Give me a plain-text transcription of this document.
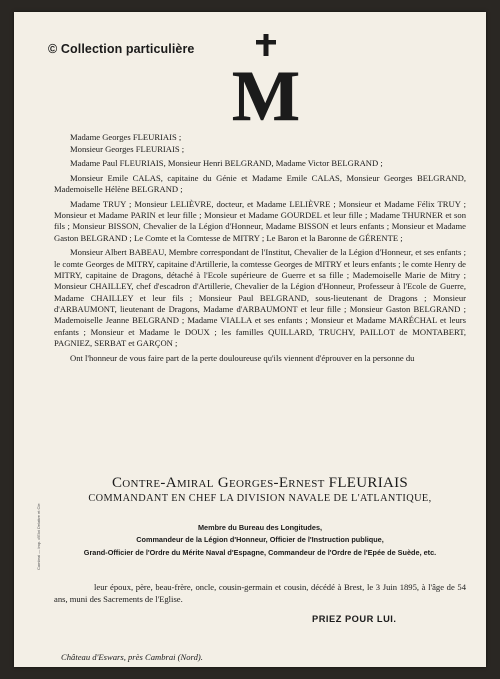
© Collection particulière
M

Madame Georges FLEURIAIS ;

Monsieur Georges FLEURIAIS ;

Madame Paul FLEURIAIS, Monsieur Henri BELGRAND, Madame Victor BELGRAND ;

Monsieur Emile CALAS, capitaine du Génie et Madame Emile CALAS, Monsieur Georges BELGRAND, Mademoiselle Hélène BELGRAND ;

Madame TRUY ; Monsieur LELIÈVRE, docteur, et Madame LELIÈVRE ; Monsieur et Madame Félix TRUY ; Monsieur et Madame PARIN et leur fille ; Monsieur et Madame GOURDEL et leur fille ; Madame THURNER et son fils ; Monsieur BISSON, Chevalier de la Légion d'Honneur, Madame BISSON et leurs enfants ; Monsieur et Madame Gaston BELGRAND ; Le Comte et la Comtesse de MITRY ; Le Baron et la Baronne de GÉRENTE ;

Monsieur Albert BABEAU, Membre correspondant de l'Institut, Chevalier de la Légion d'Honneur, et ses enfants ; le comte Georges de MITRY, capitaine d'Artillerie, la comtesse Georges de MITRY et leurs enfants ; le comte Henry de MITRY, capitaine de Dragons, détaché à l'Ecole supérieure de Guerre et sa fille ; Mademoiselle Marie de Mitry ; Monsieur CHAILLEY, chef d'escadron d'Artillerie, Chevalier de la Légion d'Honneur, Professeur à l'Ecole de Guerre, Madame CHAILLEY et leur fils ; Monsieur Paul BELGRAND, sous-lieutenant de Dragons ; Monsieur d'ARBAUMONT, lieutenant de Dragons, Madame d'ARBAUMONT et leur fille ; Monsieur Gaston BELGRAND ; Mademoiselle Jeanne BELGRAND ; Madame VIALLA et ses enfants ; Monsieur et Madame MARÉCHAL et leurs enfants ; Monsieur et Madame le DOUX ; les familles QUILLARD, TRUCHY, PAILLOT de MONTABERT, PAGNIEZ, SERBAT et GARÇON ;

Ont l'honneur de vous faire part de la perte douloureuse qu'ils viennent d'éprouver en la personne du

Contre-Amiral Georges-Ernest FLEURIAIS
COMMANDANT EN CHEF LA DIVISION NAVALE DE L'ATLANTIQUE,
Membre du Bureau des Longitudes,
Commandeur de la Légion d'Honneur, Officier de l'Instruction publique,
Grand-Officier de l'Ordre du Mérite Naval d'Espagne, Commandeur de l'Ordre de l'Epée de Suède, etc.
leur époux, père, beau-frère, oncle, cousin-germain et cousin, décédé à Brest, le 3 Juin 1895, à l'âge de 54 ans, muni des Sacrements de l'Eglise.
PRIEZ POUR LUI.
Château d'Eswars, près Cambrai (Nord).
Cambrai — Imp. d'Eloi Delattre et Cie
